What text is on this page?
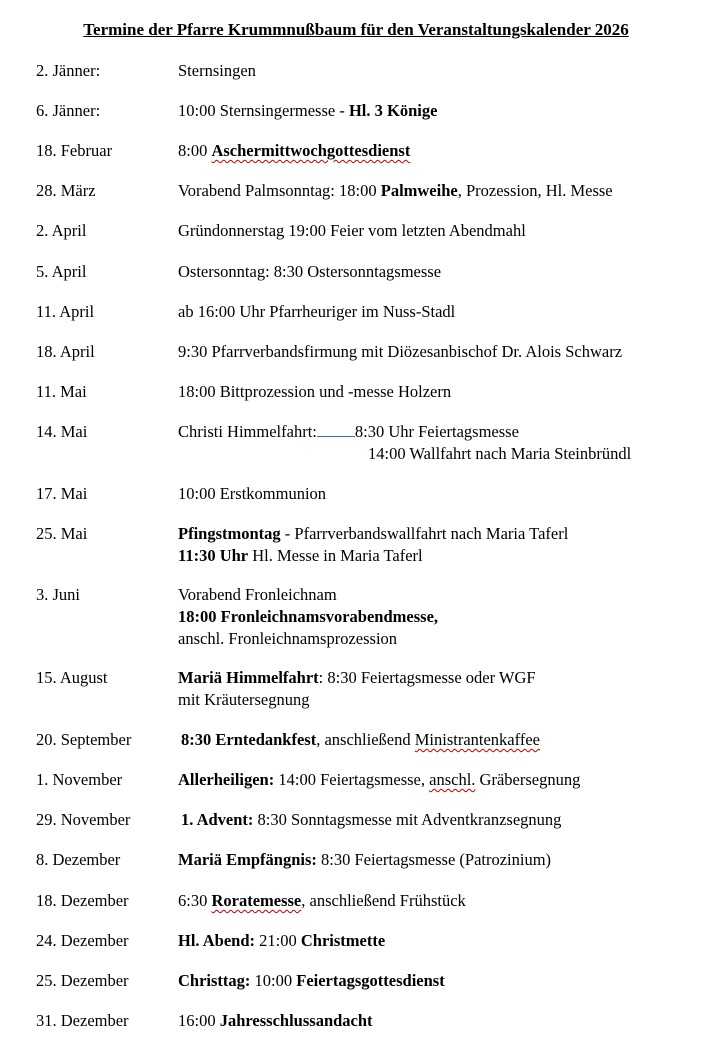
Termine der Pfarre Krummnußbaum für den Veranstaltungskalender 2026
2. Jänner:	Sternsingen
6. Jänner:	10:00 Sternsingermesse - Hl. 3 Könige
18. Februar	8:00 Aschermittwochgottesdienst
28. März	Vorabend Palmsonntag: 18:00 Palmweihe, Prozession, Hl. Messe
2. April	Gründonnerstag 19:00 Feier vom letzten Abendmahl
5. April	Ostersonntag: 8:30 Ostersonntagsmesse
11. April	ab 16:00 Uhr Pfarrheuriger im Nuss-Stadl
18. April	9:30 Pfarrverbandsfirmung mit Diözesanbischof Dr. Alois Schwarz
11. Mai	18:00 Bittprozession und -messe Holzern
14. Mai	Christi Himmelfahrt: 8:30 Uhr Feiertagsmesse
14:00 Wallfahrt nach Maria Steinbründl
17. Mai	10:00 Erstkommunion
25. Mai	Pfingstmontag - Pfarrverbandswallfahrt nach Maria Taferl
11:30 Uhr Hl. Messe in Maria Taferl
3. Juni	Vorabend Fronleichnam
18:00 Fronleichnamsvorabendmesse,
anschl. Fronleichnamsprozession
15. August	Mariä Himmelfahrt: 8:30 Feiertagsmesse oder WGF
mit Kräutersegnung
20. September	8:30 Erntedankfest, anschließend Ministrantenkaffee
1. November	Allerheiligen: 14:00 Feiertagsmesse, anschl. Gräbersegnung
29. November	1. Advent: 8:30 Sonntagsmesse mit Adventkranzsegnung
8. Dezember	Mariä Empfängnis: 8:30 Feiertagsmesse (Patrozinium)
18. Dezember	6:30 Roratemesse, anschließend Frühstück
24. Dezember	Hl. Abend: 21:00 Christmette
25. Dezember	Christtag: 10:00 Feiertagsgottesdienst
31. Dezember	16:00 Jahresschlussandacht
